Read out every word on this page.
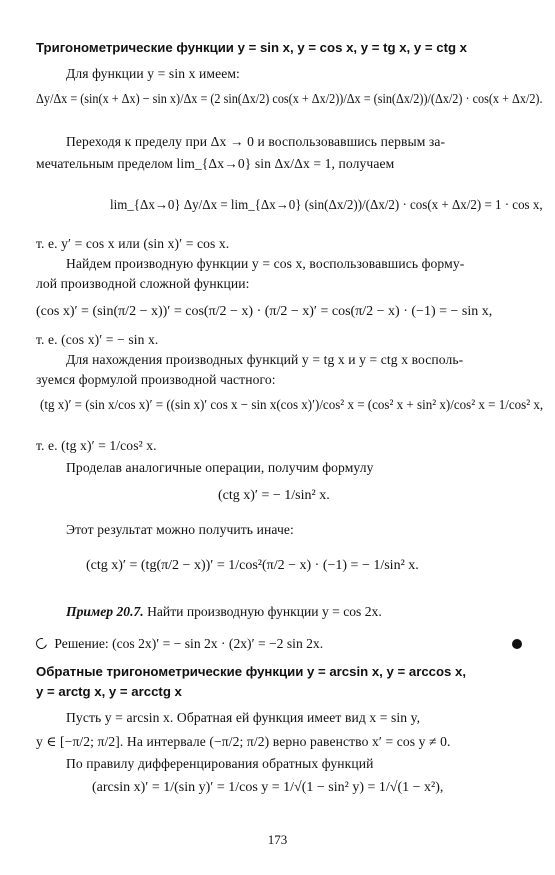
Тригонометрические функции y = sin x, y = cos x, y = tg x, y = ctg x
Для функции y = sin x имеем:
Δy/Δx = (sin(x + Δx) − sin x)/Δx = (2 sin(Δx/2) cos(x + Δx/2))/Δx = (sin(Δx/2))/(Δx/2) · cos(x + Δx/2).
Переходя к пределу при Δx → 0 и воспользовавшись первым за-
мечательным пределом lim_{Δx→0} sin Δx/Δx = 1, получаем
lim_{Δx→0} Δy/Δx = lim_{Δx→0} (sin(Δx/2))/(Δx/2) · cos(x + Δx/2) = 1 · cos x,
т. е. y′ = cos x или (sin x)′ = cos x.
Найдем производную функции y = cos x, воспользовавшись форму-
лой производной сложной функции:
(cos x)′ = (sin(π/2 − x))′ = cos(π/2 − x) · (π/2 − x)′ = cos(π/2 − x) · (−1) = − sin x,
т. е. (cos x)′ = − sin x.
Для нахождения производных функций y = tg x и y = ctg x восполь-
зуемся формулой производной частного:
(tg x)′ = (sin x/cos x)′ = ((sin x)′ cos x − sin x(cos x)′)/cos² x = (cos² x + sin² x)/cos² x = 1/cos² x,
т. е. (tg x)′ = 1/cos² x.
Проделав аналогичные операции, получим формулу
(ctg x)′ = − 1/sin² x.
Этот результат можно получить иначе:
(ctg x)′ = (tg(π/2 − x))′ = 1/cos²(π/2 − x) · (−1) = − 1/sin² x.
Пример 20.7. Найти производную функции y = cos 2x.
Решение: (cos 2x)′ = − sin 2x · (2x)′ = −2 sin 2x.
Обратные тригонометрические функции y = arcsin x, y = arccos x,
y = arctg x, y = arcctg x
Пусть y = arcsin x. Обратная ей функция имеет вид x = sin y,
y ∈ [−π/2; π/2]. На интервале (−π/2; π/2) верно равенство x′ = cos y ≠ 0.
По правилу дифференцирования обратных функций
(arcsin x)′ = 1/(sin y)′ = 1/cos y = 1/√(1 − sin² y) = 1/√(1 − x²),
173
